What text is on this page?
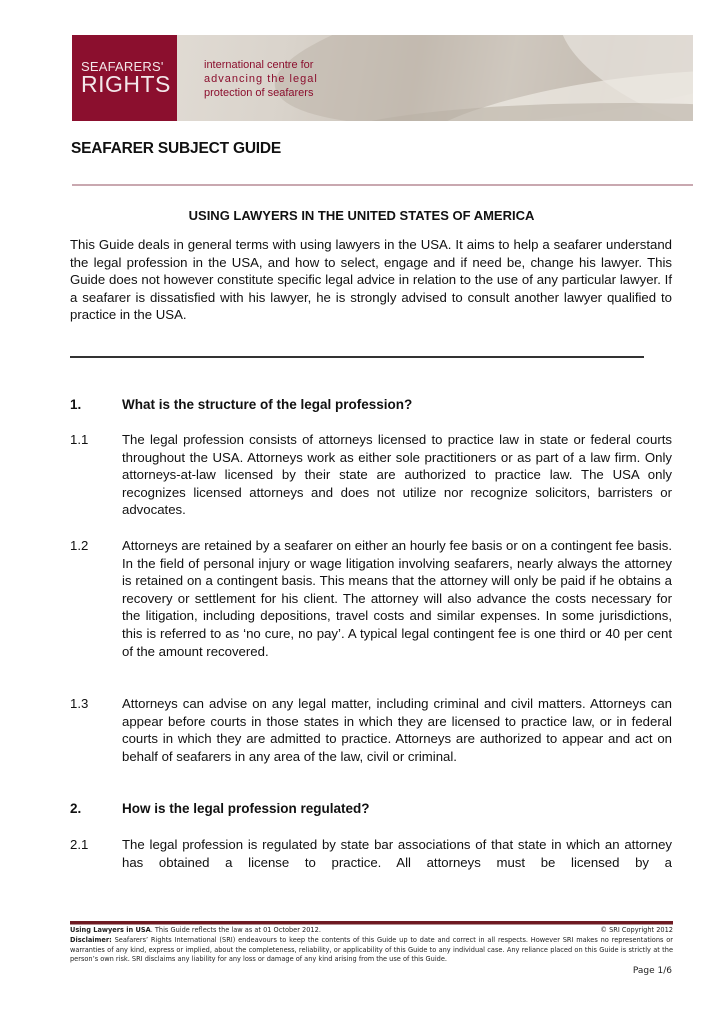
SEAFARERS'
RIGHTS
international centre for
advancing the legal
protection of seafarers
SEAFARER SUBJECT GUIDE
USING LAWYERS IN THE UNITED STATES OF AMERICA
This Guide deals in general terms with using lawyers in the USA. It aims to help a seafarer understand the legal profession in the USA, and how to select, engage and if need be, change his lawyer. This Guide does not however constitute specific legal advice in relation to the use of any particular lawyer. If a seafarer is dissatisfied with his lawyer, he is strongly advised to consult another lawyer qualified to practice in the USA.
1.	What is the structure of the legal profession?
1.1	The legal profession consists of attorneys licensed to practice law in state or federal courts throughout the USA. Attorneys work as either sole practitioners or as part of a law firm. Only attorneys-at-law licensed by their state are authorized to practice law. The USA only recognizes licensed attorneys and does not utilize nor recognize solicitors, barristers or advocates.
1.2	Attorneys are retained by a seafarer on either an hourly fee basis or on a contingent fee basis. In the field of personal injury or wage litigation involving seafarers, nearly always the attorney is retained on a contingent basis. This means that the attorney will only be paid if he obtains a recovery or settlement for his client. The attorney will also advance the costs necessary for the litigation, including depositions, travel costs and similar expenses. In some jurisdictions, this is referred to as ‘no cure, no pay’. A typical legal contingent fee is one third or 40 per cent of the amount recovered.
1.3	Attorneys can advise on any legal matter, including criminal and civil matters. Attorneys can appear before courts in those states in which they are licensed to practice law, or in federal courts in which they are admitted to practice. Attorneys are authorized to appear and act on behalf of seafarers in any area of the law, civil or criminal.
2.	How is the legal profession regulated?
2.1	The legal profession is regulated by state bar associations of that state in which an attorney has obtained a license to practice. All attorneys must be licensed by a
Using Lawyers in USA. This Guide reflects the law as at 01 October 2012.	© SRI Copyright 2012
Disclaimer: Seafarers’ Rights International (SRI) endeavours to keep the contents of this Guide up to date and correct in all respects. However SRI makes no representations or warranties of any kind, express or implied, about the completeness, reliability, or applicability of this Guide to any individual case. Any reliance placed on this Guide is strictly at the person’s own risk. SRI disclaims any liability for any loss or damage of any kind arising from the use of this Guide.
Page 1/6
